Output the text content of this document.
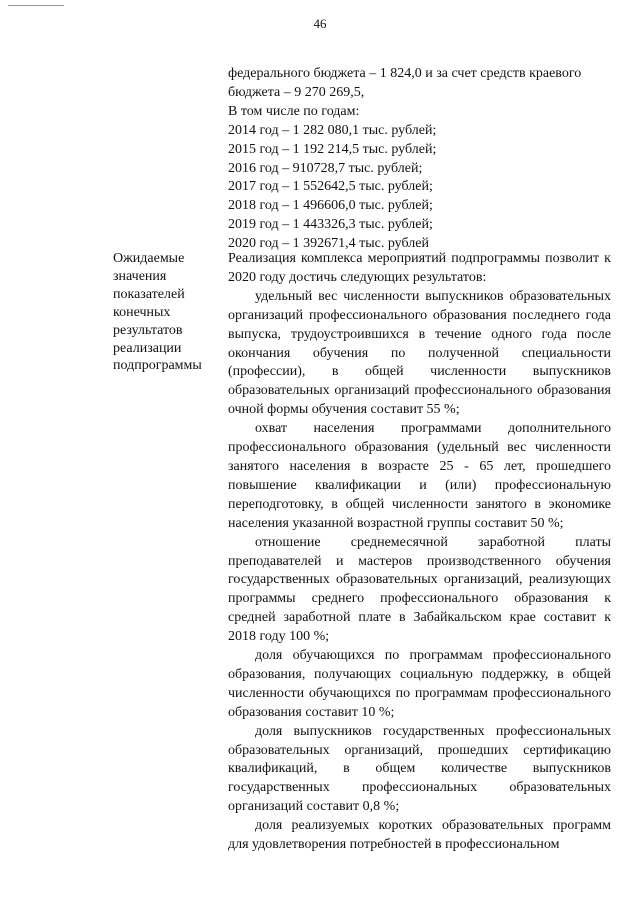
46
федерального бюджета – 1 824,0 и за счет средств краевого
бюджета – 9 270 269,5,
В том числе по годам:
2014 год – 1 282 080,1 тыс. рублей;
2015 год – 1 192 214,5 тыс. рублей;
2016 год – 910728,7 тыс. рублей;
2017 год – 1 552642,5 тыс. рублей;
2018 год – 1 496606,0 тыс. рублей;
2019 год – 1 443326,3 тыс. рублей;
2020 год – 1 392671,4 тыс. рублей
Ожидаемые
значения
показателей
конечных
результатов
реализации
подпрограммы

Реализация комплекса мероприятий подпрограммы позволит к 2020 году достичь следующих результатов:

удельный вес численности выпускников образовательных организаций профессионального образования последнего года выпуска, трудоустроившихся в течение одного года после окончания обучения по полученной специальности (профессии), в общей численности выпускников образовательных организаций профессионального образования очной формы обучения составит 55 %;

охват населения программами дополнительного профессионального образования (удельный вес численности занятого населения в возрасте 25 - 65 лет, прошедшего повышение квалификации и (или) профессиональную переподготовку, в общей численности занятого в экономике населения указанной возрастной группы составит 50 %;

отношение среднемесячной заработной платы преподавателей и мастеров производственного обучения государственных образовательных организаций, реализующих программы среднего профессионального образования к средней заработной плате в Забайкальском крае составит к 2018 году 100 %;

доля обучающихся по программам профессионального образования, получающих социальную поддержку, в общей численности обучающихся по программам профессионального образования составит 10 %;

доля выпускников государственных профессиональных образовательных организаций, прошедших сертификацию квалификаций, в общем количестве выпускников государственных профессиональных образовательных организаций составит 0,8 %;

доля реализуемых коротких образовательных программ для удовлетворения потребностей в профессиональном
